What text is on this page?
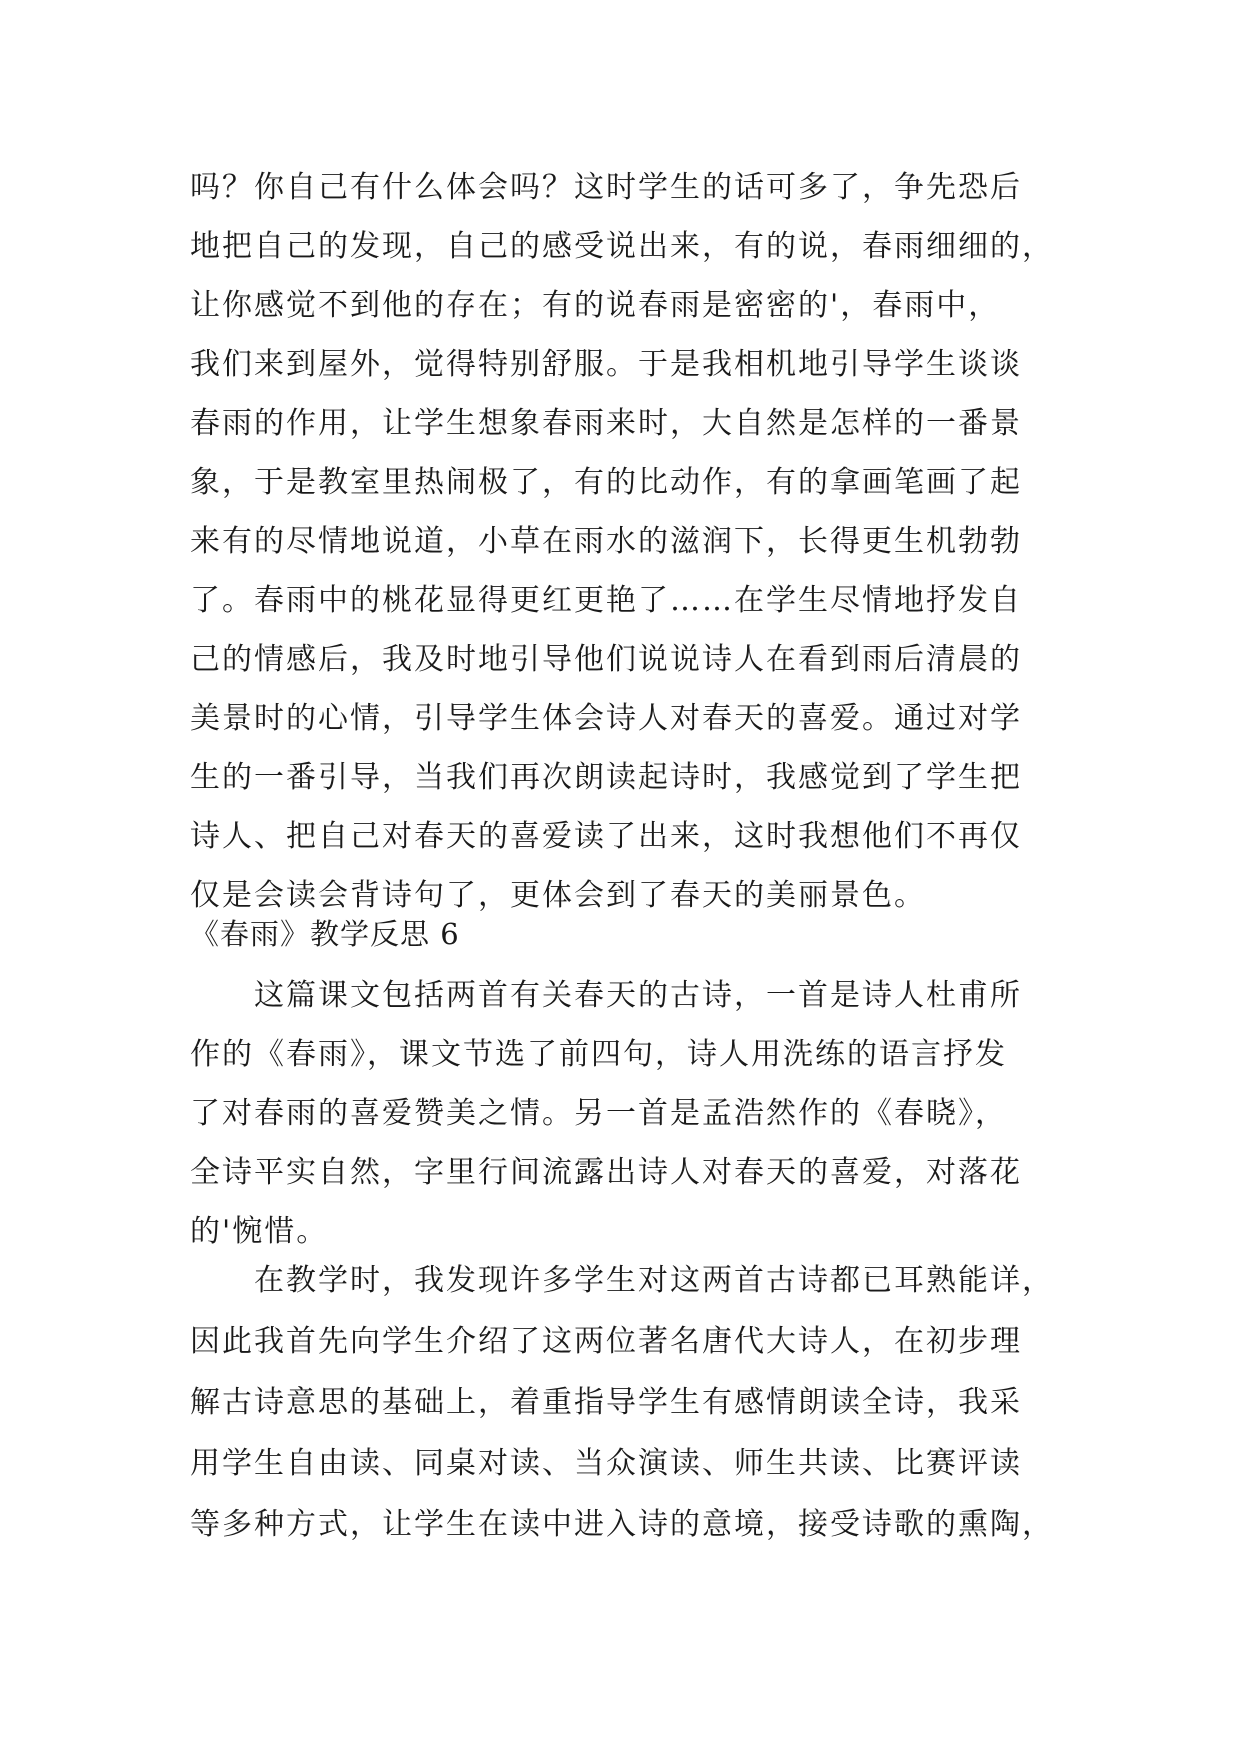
吗？你自己有什么体会吗？这时学生的话可多了，争先恐后
地把自己的发现，自己的感受说出来，有的说，春雨细细的，
让你感觉不到他的存在；有的说春雨是密密的'，春雨中，
我们来到屋外，觉得特别舒服。于是我相机地引导学生谈谈
春雨的作用，让学生想象春雨来时，大自然是怎样的一番景
象，于是教室里热闹极了，有的比动作，有的拿画笔画了起
来有的尽情地说道，小草在雨水的滋润下，长得更生机勃勃
了。春雨中的桃花显得更红更艳了……在学生尽情地抒发自
己的情感后，我及时地引导他们说说诗人在看到雨后清晨的
美景时的心情，引导学生体会诗人对春天的喜爱。通过对学
生的一番引导，当我们再次朗读起诗时，我感觉到了学生把
诗人、把自己对春天的喜爱读了出来，这时我想他们不再仅
仅是会读会背诗句了，更体会到了春天的美丽景色。
《春雨》教学反思 6
　　这篇课文包括两首有关春天的古诗，一首是诗人杜甫所
作的《春雨》，课文节选了前四句，诗人用洗练的语言抒发
了对春雨的喜爱赞美之情。另一首是孟浩然作的《春晓》，
全诗平实自然，字里行间流露出诗人对春天的喜爱，对落花
的'惋惜。
　　在教学时，我发现许多学生对这两首古诗都已耳熟能详，
因此我首先向学生介绍了这两位著名唐代大诗人，在初步理
解古诗意思的基础上，着重指导学生有感情朗读全诗，我采
用学生自由读、同桌对读、当众演读、师生共读、比赛评读
等多种方式，让学生在读中进入诗的意境，接受诗歌的熏陶，
